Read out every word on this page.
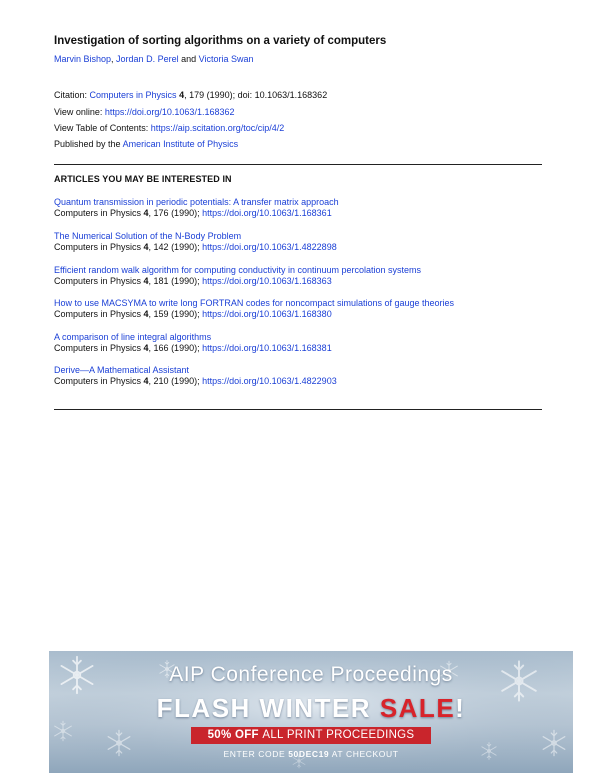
Investigation of sorting algorithms on a variety of computers
Marvin Bishop, Jordan D. Perel and Victoria Swan
Citation: Computers in Physics 4, 179 (1990); doi: 10.1063/1.168362
View online: https://doi.org/10.1063/1.168362
View Table of Contents: https://aip.scitation.org/toc/cip/4/2
Published by the American Institute of Physics
ARTICLES YOU MAY BE INTERESTED IN
Quantum transmission in periodic potentials: A transfer matrix approach
Computers in Physics 4, 176 (1990); https://doi.org/10.1063/1.168361
The Numerical Solution of the N-Body Problem
Computers in Physics 4, 142 (1990); https://doi.org/10.1063/1.4822898
Efficient random walk algorithm for computing conductivity in continuum percolation systems
Computers in Physics 4, 181 (1990); https://doi.org/10.1063/1.168363
How to use MACSYMA to write long FORTRAN codes for noncompact simulations of gauge theories
Computers in Physics 4, 159 (1990); https://doi.org/10.1063/1.168380
A comparison of line integral algorithms
Computers in Physics 4, 166 (1990); https://doi.org/10.1063/1.168381
Derive—A Mathematical Assistant
Computers in Physics 4, 210 (1990); https://doi.org/10.1063/1.4822903
AIP Conference Proceedings
FLASH WINTER SALE!
50% OFF ALL PRINT PROCEEDINGS
ENTER CODE 50DEC19 AT CHECKOUT
